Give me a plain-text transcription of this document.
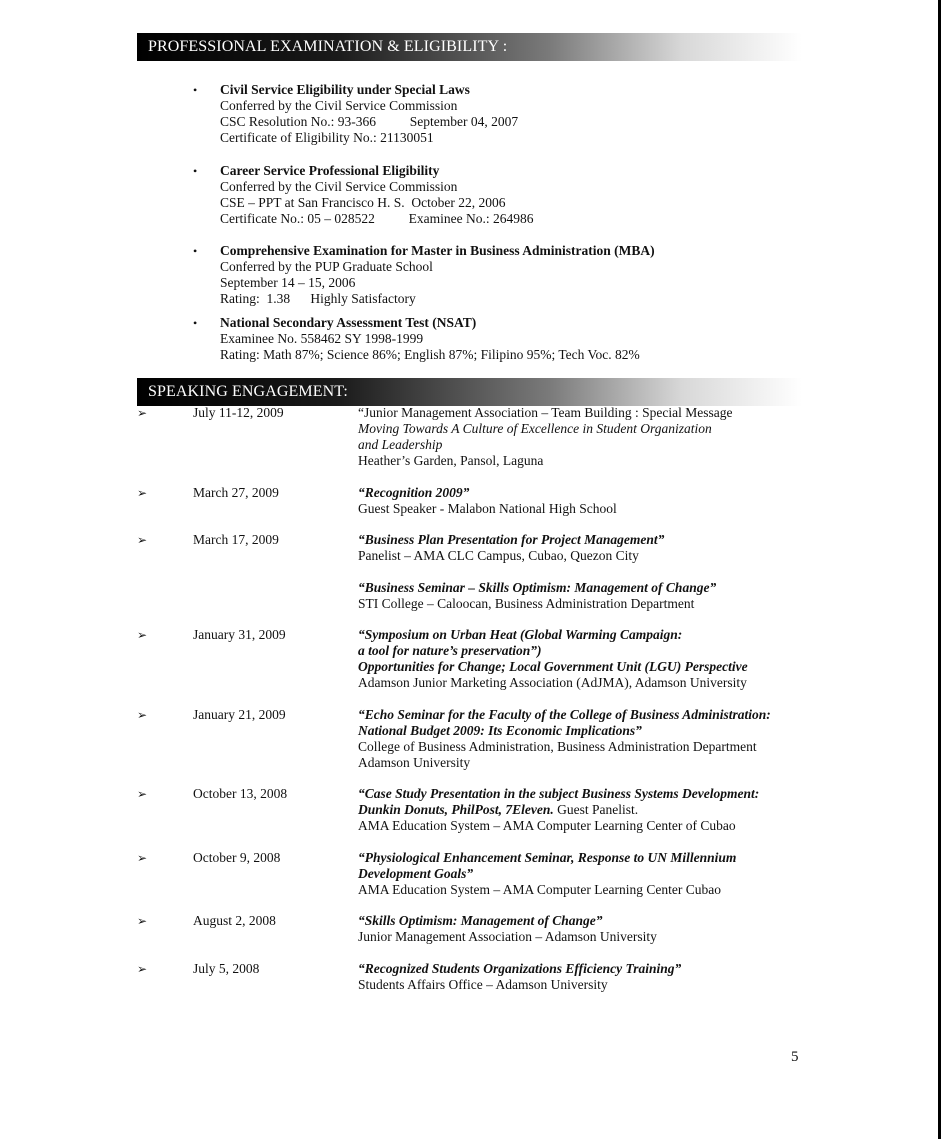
PROFESSIONAL EXAMINATION & ELIGIBILITY :
• Civil Service Eligibility under Special Laws
Conferred by the Civil Service Commission
CSC Resolution No.: 93-366          September 04, 2007
Certificate of Eligibility No.: 21130051
• Career Service Professional Eligibility
Conferred by the Civil Service Commission
CSE – PPT at San Francisco H. S.  October 22, 2006
Certificate No.: 05 – 028522          Examinee No.: 264986
• Comprehensive Examination for Master in Business Administration (MBA)
Conferred by the PUP Graduate School
September 14 – 15, 2006
Rating:  1.38      Highly Satisfactory
• National Secondary Assessment Test (NSAT)
Examinee No. 558462 SY 1998-1999
Rating: Math 87%; Science 86%; English 87%; Filipino 95%; Tech Voc. 82%
SPEAKING ENGAGEMENT:
➢	July 11-12, 2009	“Junior Management Association – Team Building : Special Message
Moving Towards A Culture of Excellence in Student Organization
and Leadership
Heather’s Garden, Pansol, Laguna
➢	March 27, 2009	“Recognition 2009”
Guest Speaker - Malabon National High School
➢	March 17, 2009	“Business Plan Presentation for Project Management”
Panelist – AMA CLC Campus, Cubao, Quezon City
“Business Seminar – Skills Optimism: Management of Change”
STI College – Caloocan, Business Administration Department
➢	January 31, 2009	“Symposium on Urban Heat (Global Warming Campaign:
a tool for nature’s preservation”)
Opportunities for Change; Local Government Unit (LGU) Perspective
Adamson Junior Marketing Association (AdJMA), Adamson University
➢	January 21, 2009	“Echo Seminar for the Faculty of the College of Business Administration:
National Budget 2009: Its Economic Implications”
College of Business Administration, Business Administration Department
Adamson University
➢	October 13, 2008	“Case Study Presentation in the subject Business Systems Development:
Dunkin Donuts, PhilPost, 7Eleven. Guest Panelist.
AMA Education System – AMA Computer Learning Center of Cubao
➢	October 9, 2008	“Physiological Enhancement Seminar, Response to UN Millennium
Development Goals”
AMA Education System – AMA Computer Learning Center Cubao
➢	August 2, 2008	“Skills Optimism: Management of Change”
Junior Management Association – Adamson University
➢	July 5, 2008	“Recognized Students Organizations Efficiency Training”
Students Affairs Office – Adamson University
5
